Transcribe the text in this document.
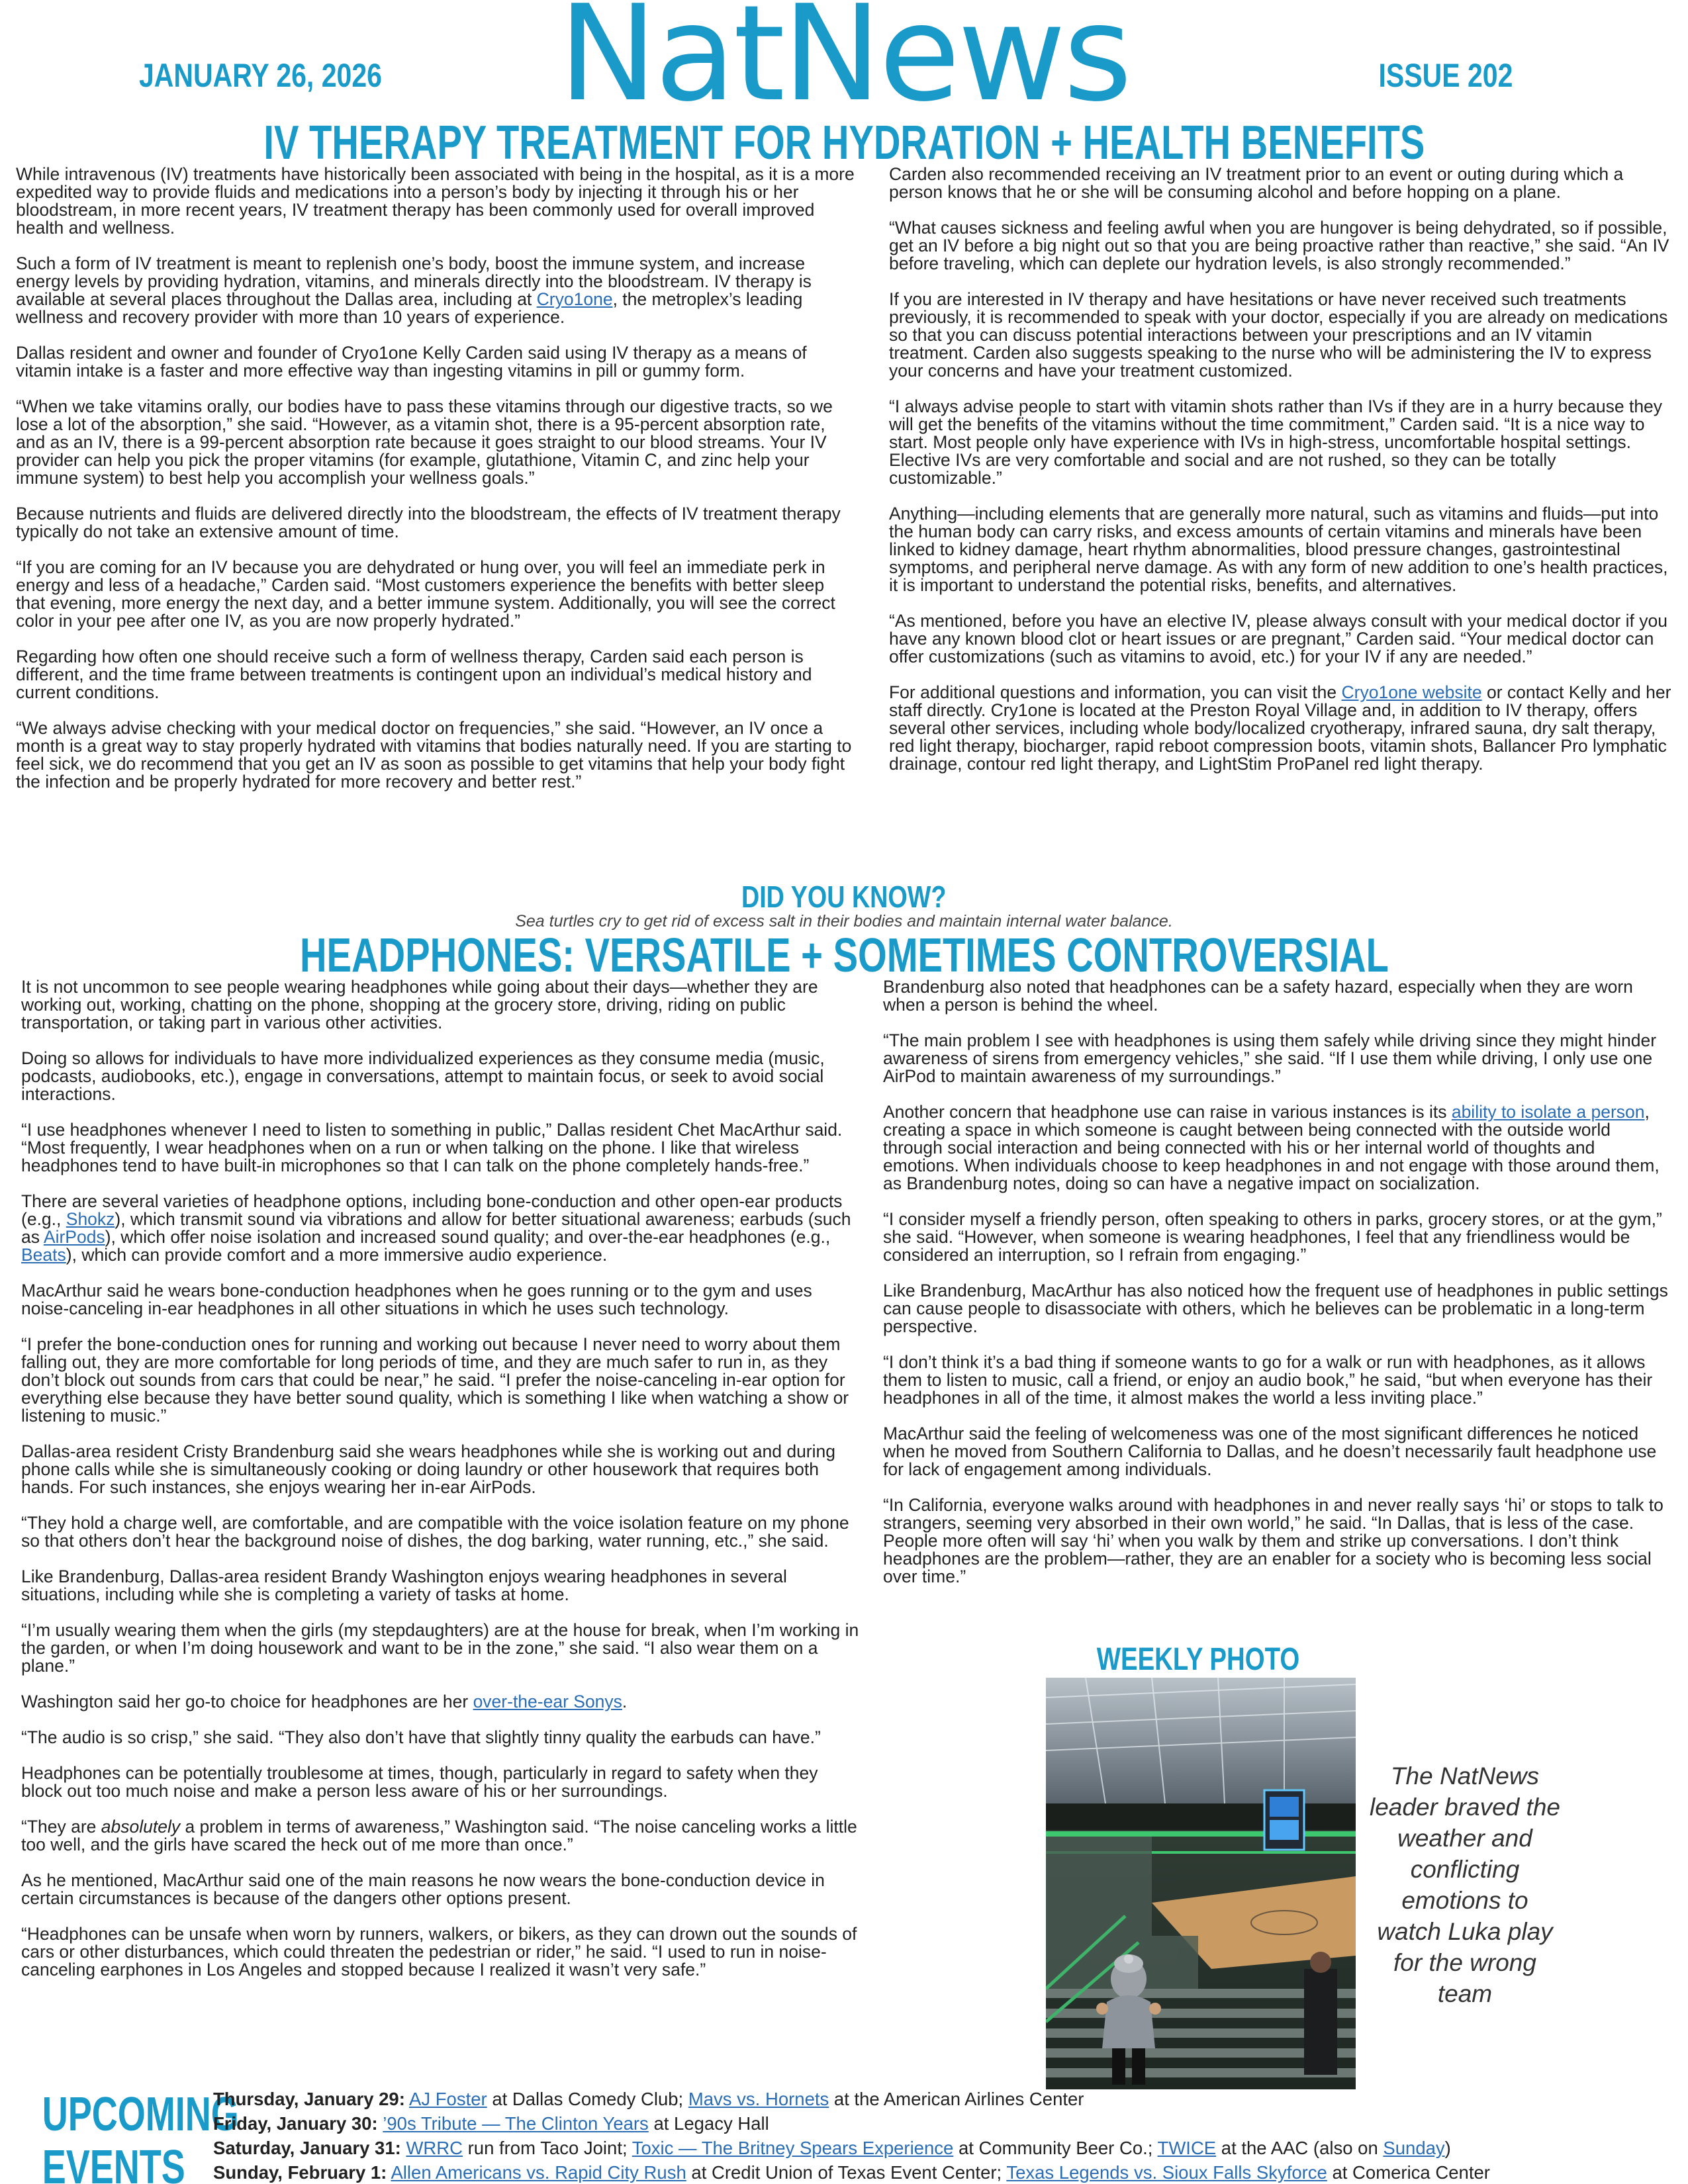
JANUARY 26, 2026	NatNews	ISSUE 202
IV THERAPY TREATMENT FOR HYDRATION + HEALTH BENEFITS

While intravenous (IV) treatments have historically been associated with being in the hospital, as it is a more expedited way to provide fluids and medications into a person’s body by injecting it through his or her bloodstream, in more recent years, IV treatment therapy has been commonly used for overall improved health and wellness.

Such a form of IV treatment is meant to replenish one’s body, boost the immune system, and increase energy levels by providing hydration, vitamins, and minerals directly into the bloodstream. IV therapy is available at several places throughout the Dallas area, including at Cryo1one, the metroplex’s leading wellness and recovery provider with more than 10 years of experience.

Dallas resident and owner and founder of Cryo1one Kelly Carden said using IV therapy as a means of vitamin intake is a faster and more effective way than ingesting vitamins in pill or gummy form.

“When we take vitamins orally, our bodies have to pass these vitamins through our digestive tracts, so we lose a lot of the absorption,” she said. “However, as a vitamin shot, there is a 95-percent absorption rate, and as an IV, there is a 99-percent absorption rate because it goes straight to our blood streams. Your IV provider can help you pick the proper vitamins (for example, glutathione, Vitamin C, and zinc help your immune system) to best help you accomplish your wellness goals.”

Because nutrients and fluids are delivered directly into the bloodstream, the effects of IV treatment therapy typically do not take an extensive amount of time.

“If you are coming for an IV because you are dehydrated or hung over, you will feel an immediate perk in energy and less of a headache,” Carden said. “Most customers experience the benefits with better sleep that evening, more energy the next day, and a better immune system. Additionally, you will see the correct color in your pee after one IV, as you are now properly hydrated.”

Regarding how often one should receive such a form of wellness therapy, Carden said each person is different, and the time frame between treatments is contingent upon an individual’s medical history and current conditions.

“We always advise checking with your medical doctor on frequencies,” she said. “However, an IV once a month is a great way to stay properly hydrated with vitamins that bodies naturally need. If you are starting to feel sick, we do recommend that you get an IV as soon as possible to get vitamins that help your body fight the infection and be properly hydrated for more recovery and better rest.”

Carden also recommended receiving an IV treatment prior to an event or outing during which a person knows that he or she will be consuming alcohol and before hopping on a plane.

“What causes sickness and feeling awful when you are hungover is being dehydrated, so if possible, get an IV before a big night out so that you are being proactive rather than reactive,” she said. “An IV before traveling, which can deplete our hydration levels, is also strongly recommended.”

If you are interested in IV therapy and have hesitations or have never received such treatments previously, it is recommended to speak with your doctor, especially if you are already on medications so that you can discuss potential interactions between your prescriptions and an IV vitamin treatment. Carden also suggests speaking to the nurse who will be administering the IV to express your concerns and have your treatment customized.

“I always advise people to start with vitamin shots rather than IVs if they are in a hurry because they will get the benefits of the vitamins without the time commitment,” Carden said. “It is a nice way to start. Most people only have experience with IVs in high-stress, uncomfortable hospital settings. Elective IVs are very comfortable and social and are not rushed, so they can be totally customizable.”

Anything—including elements that are generally more natural, such as vitamins and fluids—put into the human body can carry risks, and excess amounts of certain vitamins and minerals have been linked to kidney damage, heart rhythm abnormalities, blood pressure changes, gastrointestinal symptoms, and peripheral nerve damage. As with any form of new addition to one’s health practices, it is important to understand the potential risks, benefits, and alternatives.

“As mentioned, before you have an elective IV, please always consult with your medical doctor if you have any known blood clot or heart issues or are pregnant,” Carden said. “Your medical doctor can offer customizations (such as vitamins to avoid, etc.) for your IV if any are needed.”

For additional questions and information, you can visit the Cryo1one website or contact Kelly and her staff directly. Cry1one is located at the Preston Royal Village and, in addition to IV therapy, offers several other services, including whole body/localized cryotherapy, infrared sauna, dry salt therapy, red light therapy, biocharger, rapid reboot compression boots, vitamin shots, Ballancer Pro lymphatic drainage, contour red light therapy, and LightStim ProPanel red light therapy.

DID YOU KNOW?
Sea turtles cry to get rid of excess salt in their bodies and maintain internal water balance.
HEADPHONES: VERSATILE + SOMETIMES CONTROVERSIAL

It is not uncommon to see people wearing headphones while going about their days—whether they are working out, working, chatting on the phone, shopping at the grocery store, driving, riding on public transportation, or taking part in various other activities.

Doing so allows for individuals to have more individualized experiences as they consume media (music, podcasts, audiobooks, etc.), engage in conversations, attempt to maintain focus, or seek to avoid social interactions.

“I use headphones whenever I need to listen to something in public,” Dallas resident Chet MacArthur said. “Most frequently, I wear headphones when on a run or when talking on the phone. I like that wireless headphones tend to have built-in microphones so that I can talk on the phone completely hands-free.”

There are several varieties of headphone options, including bone-conduction and other open-ear products (e.g., Shokz), which transmit sound via vibrations and allow for better situational awareness; earbuds (such as AirPods), which offer noise isolation and increased sound quality; and over-the-ear headphones (e.g., Beats), which can provide comfort and a more immersive audio experience.

MacArthur said he wears bone-conduction headphones when he goes running or to the gym and uses noise-canceling in-ear headphones in all other situations in which he uses such technology.

“I prefer the bone-conduction ones for running and working out because I never need to worry about them falling out, they are more comfortable for long periods of time, and they are much safer to run in, as they don’t block out sounds from cars that could be near,” he said. “I prefer the noise-canceling in-ear option for everything else because they have better sound quality, which is something I like when watching a show or listening to music.”

Dallas-area resident Cristy Brandenburg said she wears headphones while she is working out and during phone calls while she is simultaneously cooking or doing laundry or other housework that requires both hands. For such instances, she enjoys wearing her in-ear AirPods.

“They hold a charge well, are comfortable, and are compatible with the voice isolation feature on my phone so that others don’t hear the background noise of dishes, the dog barking, water running, etc.,” she said.

Like Brandenburg, Dallas-area resident Brandy Washington enjoys wearing headphones in several situations, including while she is completing a variety of tasks at home.

“I’m usually wearing them when the girls (my stepdaughters) are at the house for break, when I’m working in the garden, or when I’m doing housework and want to be in the zone,” she said. “I also wear them on a plane.”

Washington said her go-to choice for headphones are her over-the-ear Sonys.

“The audio is so crisp,” she said. “They also don’t have that slightly tinny quality the earbuds can have.”

Headphones can be potentially troublesome at times, though, particularly in regard to safety when they block out too much noise and make a person less aware of his or her surroundings.

“They are absolutely a problem in terms of awareness,” Washington said. “The noise canceling works a little too well, and the girls have scared the heck out of me more than once.”

As he mentioned, MacArthur said one of the main reasons he now wears the bone-conduction device in certain circumstances is because of the dangers other options present.

“Headphones can be unsafe when worn by runners, walkers, or bikers, as they can drown out the sounds of cars or other disturbances, which could threaten the pedestrian or rider,” he said. “I used to run in noise-canceling earphones in Los Angeles and stopped because I realized it wasn’t very safe.”

Brandenburg also noted that headphones can be a safety hazard, especially when they are worn when a person is behind the wheel.

“The main problem I see with headphones is using them safely while driving since they might hinder awareness of sirens from emergency vehicles,” she said. “If I use them while driving, I only use one AirPod to maintain awareness of my surroundings.”

Another concern that headphone use can raise in various instances is its ability to isolate a person, creating a space in which someone is caught between being connected with the outside world through social interaction and being connected with his or her internal world of thoughts and emotions. When individuals choose to keep headphones in and not engage with those around them, as Brandenburg notes, doing so can have a negative impact on socialization.

“I consider myself a friendly person, often speaking to others in parks, grocery stores, or at the gym,” she said. “However, when someone is wearing headphones, I feel that any friendliness would be considered an interruption, so I refrain from engaging.”

Like Brandenburg, MacArthur has also noticed how the frequent use of headphones in public settings can cause people to disassociate with others, which he believes can be problematic in a long-term perspective.

“I don’t think it’s a bad thing if someone wants to go for a walk or run with headphones, as it allows them to listen to music, call a friend, or enjoy an audio book,” he said, “but when everyone has their headphones in all of the time, it almost makes the world a less inviting place.”

MacArthur said the feeling of welcomeness was one of the most significant differences he noticed when he moved from Southern California to Dallas, and he doesn’t necessarily fault headphone use for lack of engagement among individuals.

“In California, everyone walks around with headphones in and never really says ‘hi’ or stops to talk to strangers, seeming very absorbed in their own world,” he said. “In Dallas, that is less of the case. People more often will say ‘hi’ when you walk by them and strike up conversations. I don’t think headphones are the problem—rather, they are an enabler for a society who is becoming less social over time.”

WEEKLY PHOTO
The NatNews leader braved the weather and conflicting emotions to watch Luka play for the wrong team
UPCOMING
EVENTS
Thursday, January 29: AJ Foster at Dallas Comedy Club; Mavs vs. Hornets at the American Airlines Center
Friday, January 30: ’90s Tribute — The Clinton Years at Legacy Hall
Saturday, January 31: WRRC run from Taco Joint; Toxic — The Britney Spears Experience at Community Beer Co.; TWICE at the AAC (also on Sunday)
Sunday, February 1: Allen Americans vs. Rapid City Rush at Credit Union of Texas Event Center; Texas Legends vs. Sioux Falls Skyforce at Comerica Center
